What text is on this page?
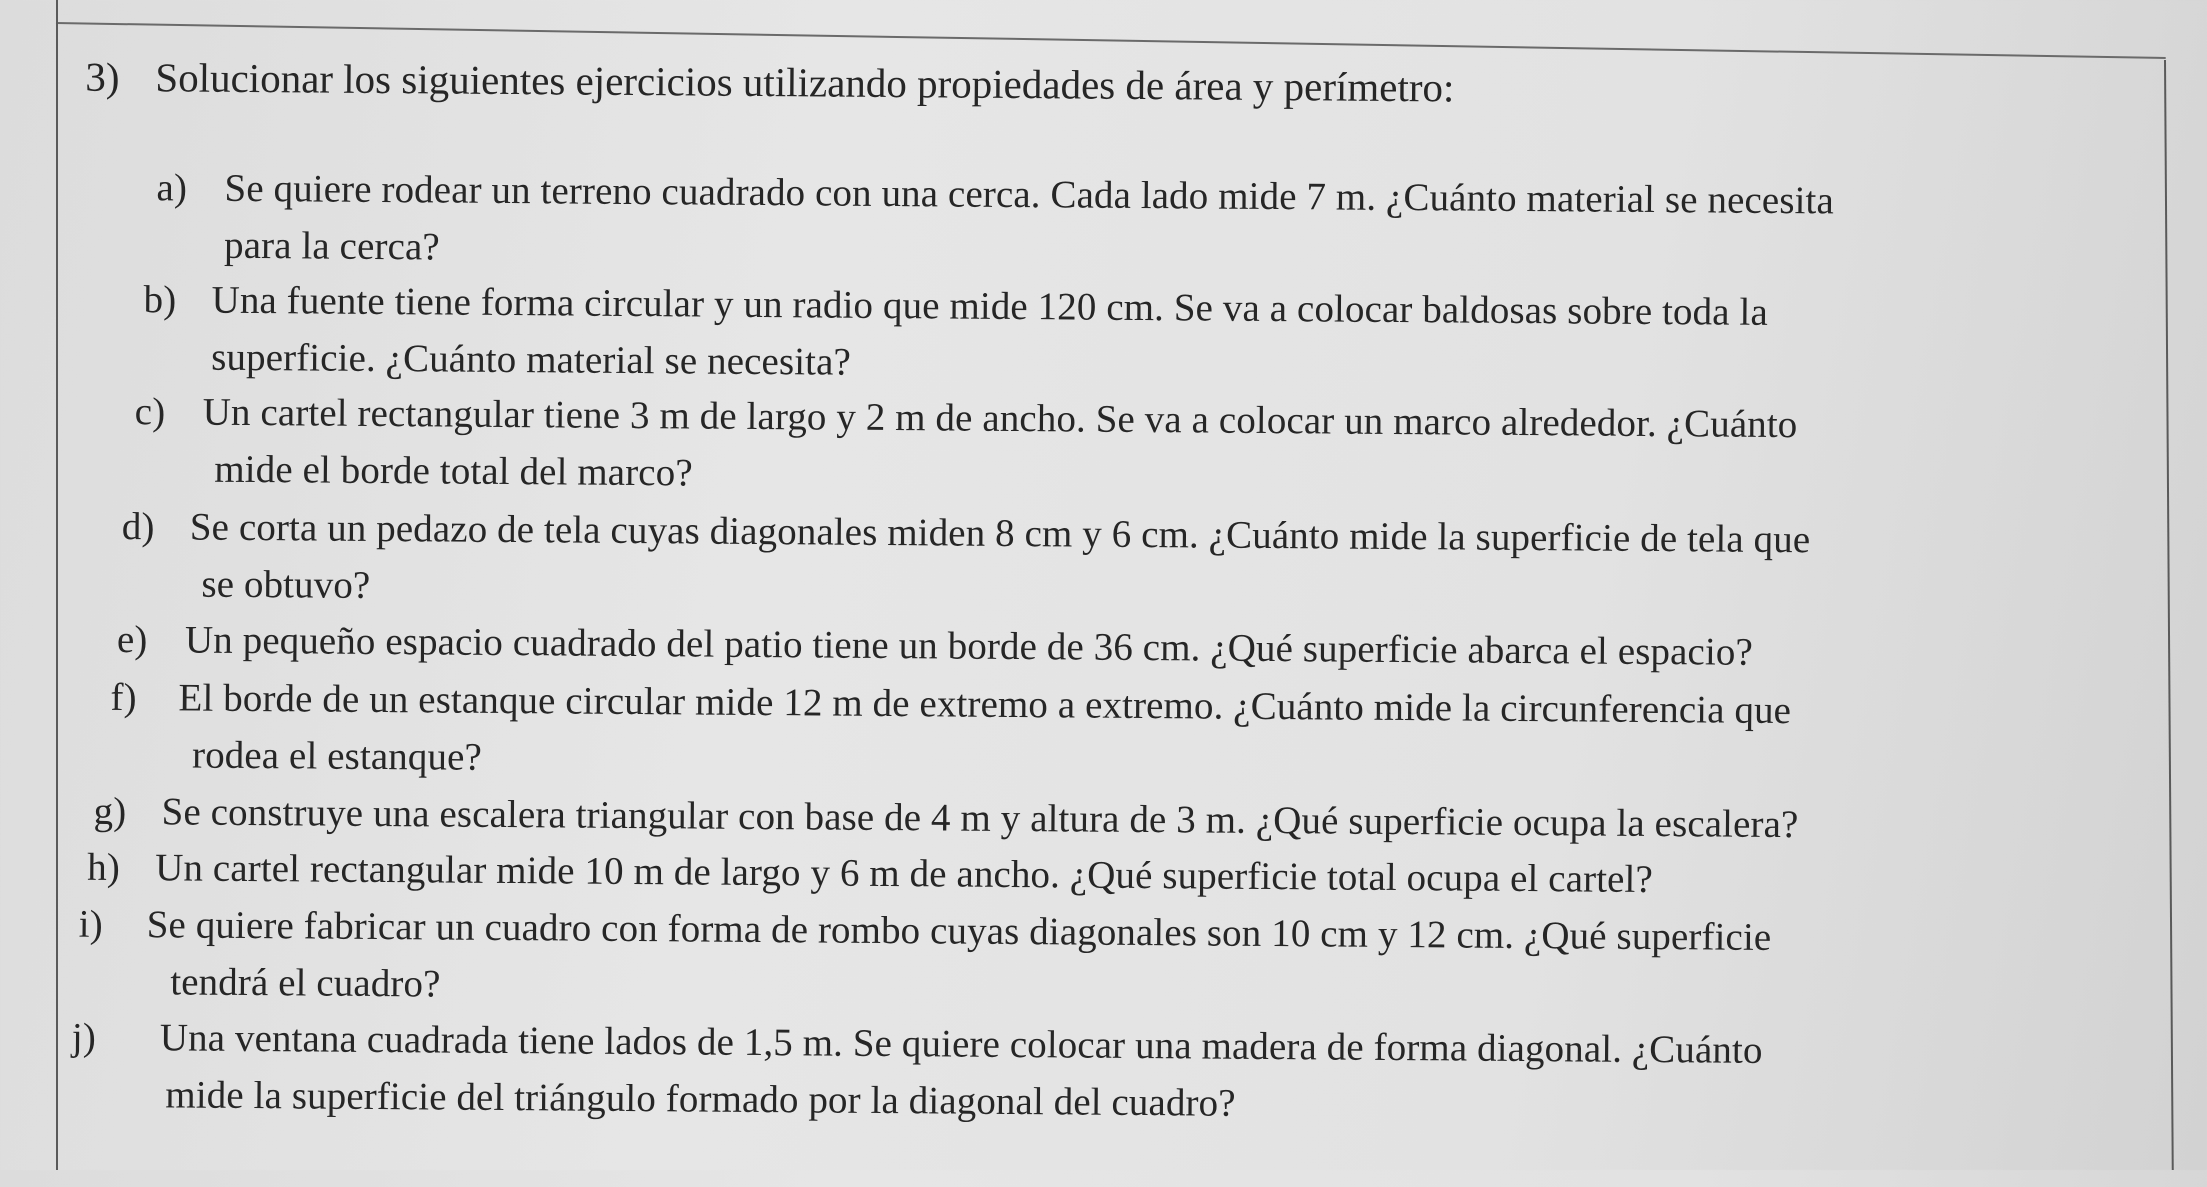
3) Solucionar los siguientes ejercicios utilizando propiedades de área y perímetro:
a) Se quiere rodear un terreno cuadrado con una cerca. Cada lado mide 7 m. ¿Cuánto material se necesita
para la cerca?
b) Una fuente tiene forma circular y un radio que mide 120 cm. Se va a colocar baldosas sobre toda la
superficie. ¿Cuánto material se necesita?
c) Un cartel rectangular tiene 3 m de largo y 2 m de ancho. Se va a colocar un marco alrededor. ¿Cuánto
mide el borde total del marco?
d) Se corta un pedazo de tela cuyas diagonales miden 8 cm y 6 cm. ¿Cuánto mide la superficie de tela que
se obtuvo?
e) Un pequeño espacio cuadrado del patio tiene un borde de 36 cm. ¿Qué superficie abarca el espacio?
f) El borde de un estanque circular mide 12 m de extremo a extremo. ¿Cuánto mide la circunferencia que
rodea el estanque?
g) Se construye una escalera triangular con base de 4 m y altura de 3 m. ¿Qué superficie ocupa la escalera?
h) Un cartel rectangular mide 10 m de largo y 6 m de ancho. ¿Qué superficie total ocupa el cartel?
i) Se quiere fabricar un cuadro con forma de rombo cuyas diagonales son 10 cm y 12 cm. ¿Qué superficie
tendrá el cuadro?
j) Una ventana cuadrada tiene lados de 1,5 m. Se quiere colocar una madera de forma diagonal. ¿Cuánto
mide la superficie del triángulo formado por la diagonal del cuadro?
